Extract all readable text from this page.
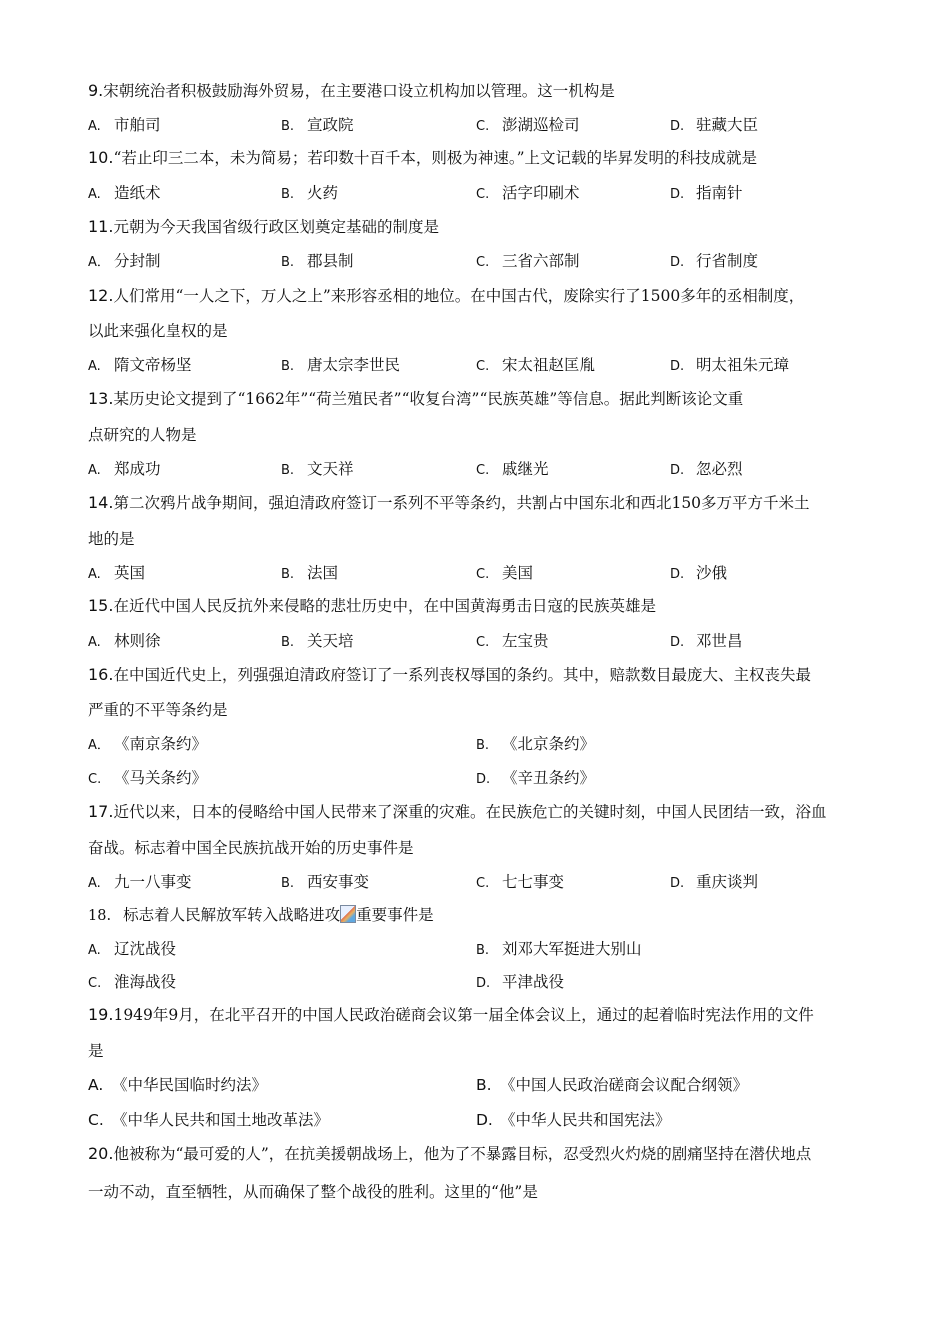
9.宋朝统治者积极鼓励海外贸易，在主要港口设立机构加以管理。这一机构是
A. 市舶司	B. 宣政院	C. 澎湖巡检司	D. 驻藏大臣
10.“若止印三二本，未为简易；若印数十百千本，则极为神速。”上文记载的毕昇发明的科技成就是
A. 造纸术	B. 火药	C. 活字印刷术	D. 指南针
11.元朝为今天我国省级行政区划奠定基础的制度是
A． 分封制	B. 郡县制	C. 三省六部制	D. 行省制度
12.人们常用“一人之下，万人之上”来形容丞相的地位。在中国古代，废除实行了1500多年的丞相制度，
以此来强化皇权的是
A. 隋文帝杨坚	B. 唐太宗李世民	C. 宋太祖赵匡胤	D. 明太祖朱元璋
13.某历史论文提到了“1662年”“荷兰殖民者”“收复台湾”“民族英雄”等信息。据此判断该论文重
点研究的人物是
A. 郑成功	B. 文天祥	C. 戚继光	D. 忽必烈
14.第二次鸦片战争期间，强迫清政府签订一系列不平等条约，共割占中国东北和西北150多万平方千米土
地的是
A. 英国	B. 法国	C. 美国	D. 沙俄
15.在近代中国人民反抗外来侵略的悲壮历史中，在中国黄海勇击日寇的民族英雄是
A. 林则徐	B. 关天培	C. 左宝贵	D. 邓世昌
16.在中国近代史上，列强强迫清政府签订了一系列丧权辱国的条约。其中，赔款数目最庞大、主权丧失最
严重的不平等条约是
A． 《南京条约》	B. 《北京条约》
C. 《马关条约》	D. 《辛丑条约》
17.近代以来，日本的侵略给中国人民带来了深重的灾难。在民族危亡的关键时刻，中国人民团结一致，浴血
奋战。标志着中国全民族抗战开始的历史事件是
A. 九一八事变	B. 西安事变	C. 七七事变	D. 重庆谈判
18. 标志着人民解放军转入战略进攻 重要事件是
A. 辽沈战役	B. 刘邓大军挺进大别山
C. 淮海战役	D. 平津战役
19.1949年9月，在北平召开的中国人民政治磋商会议第一届全体会议上，通过的起着临时宪法作用的文件
是
A. 《中华民国临时约法》	B. 《中国人民政治磋商会议配合纲领》
C. 《中华人民共和国土地改革法》	D. 《中华人民共和国宪法》
20.他被称为“最可爱的人”，在抗美援朝战场上，他为了不暴露目标，忍受烈火灼烧的剧痛坚持在潜伏地点
一动不动，直至牺牲，从而确保了整个战役的胜利。这里的“他”是
